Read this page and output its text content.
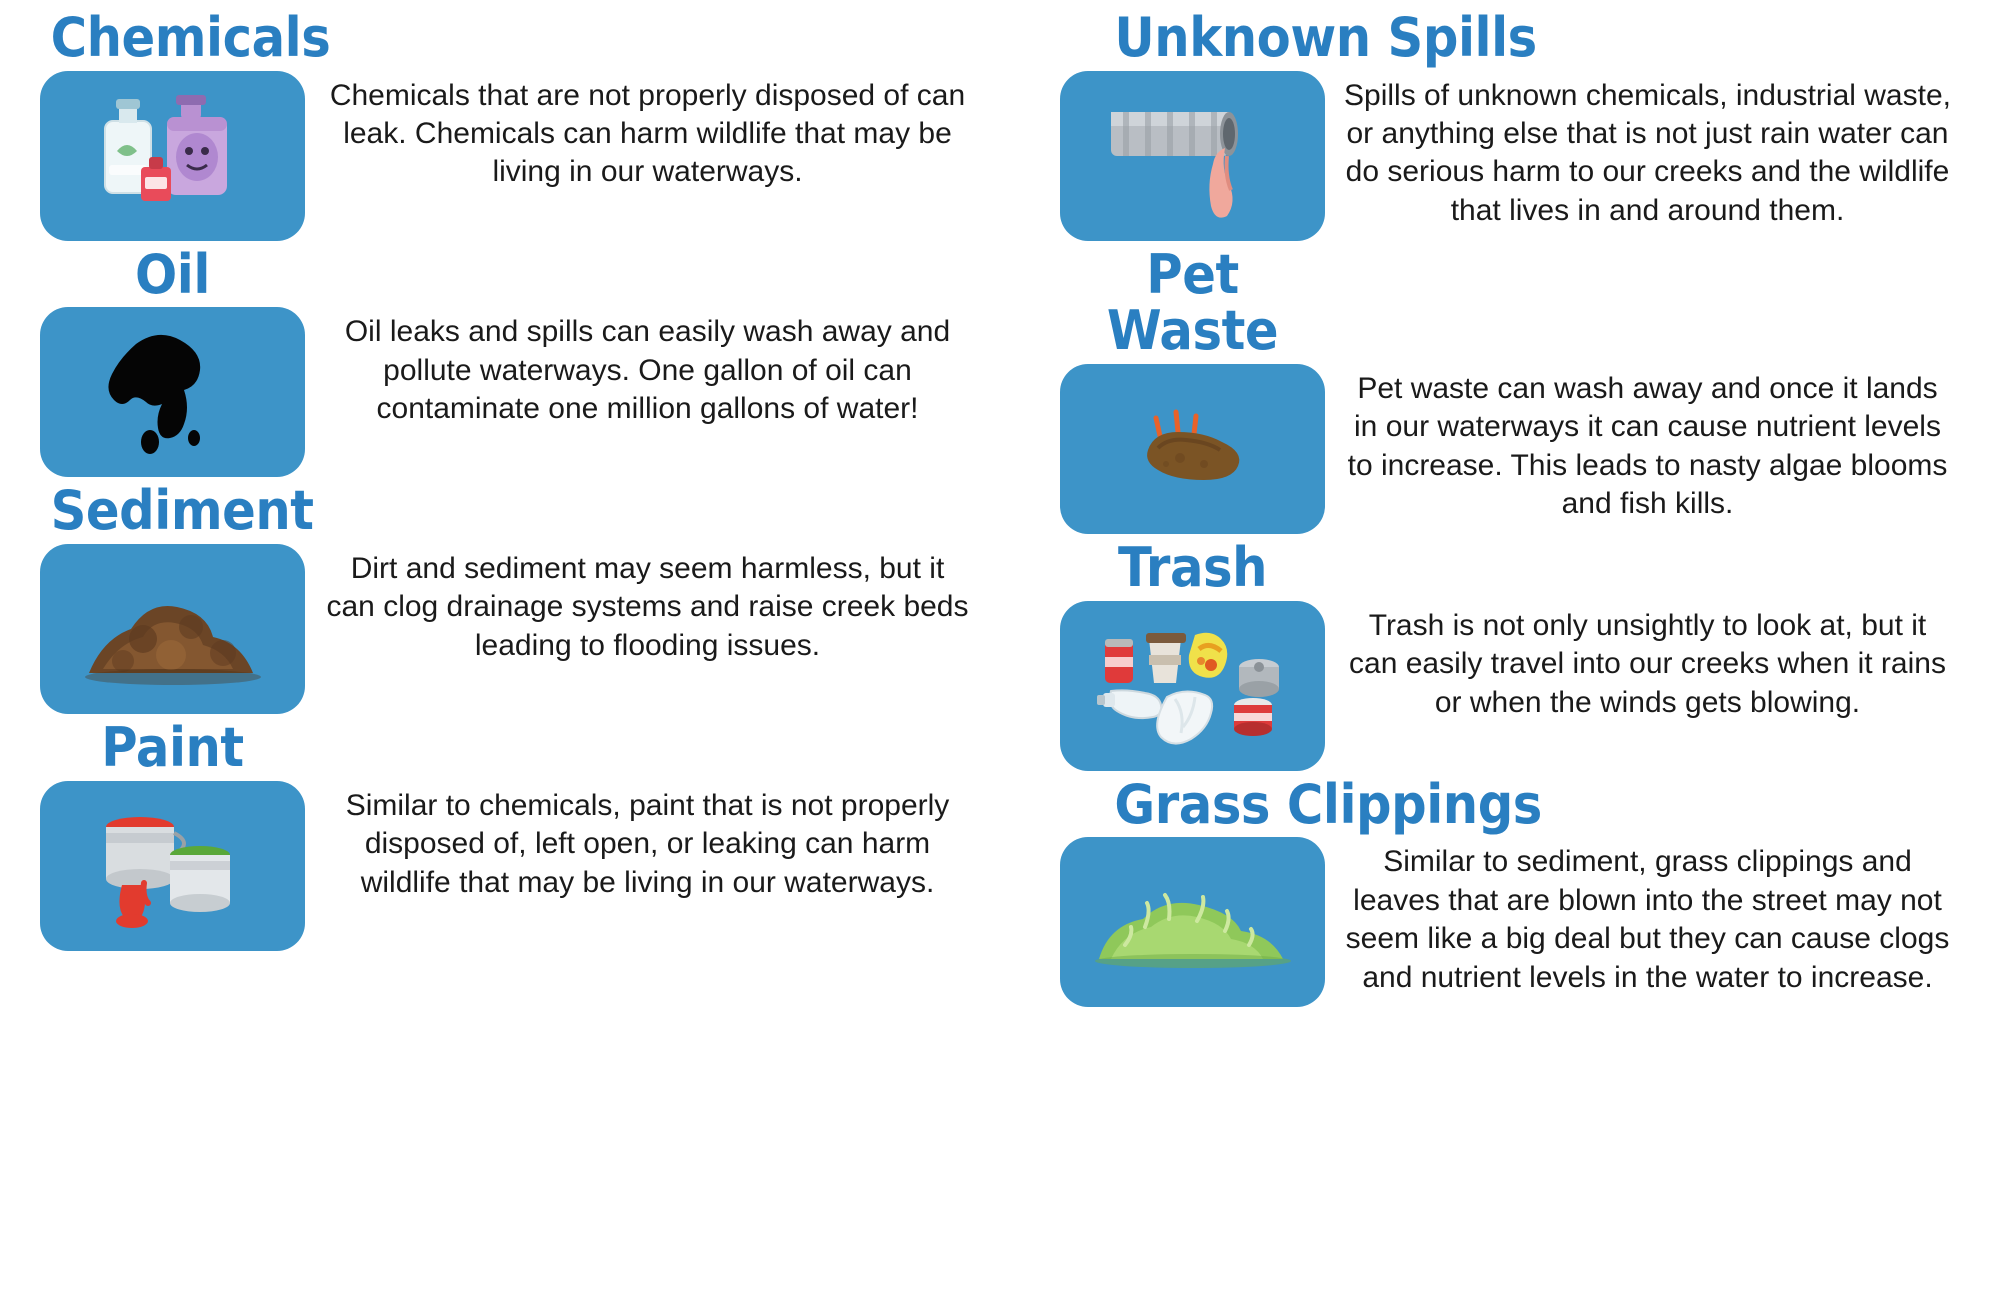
Chemicals
Chemicals that are not properly disposed of can leak. Chemicals can harm wildlife that may be living in our waterways.
Oil
Oil leaks and spills can easily wash away and pollute waterways. One gallon of oil can contaminate one million gallons of water!
Sediment
Dirt and sediment may seem harmless, but it can clog drainage systems and raise creek beds leading to flooding issues.
Paint
Similar to chemicals, paint that is not properly disposed of, left open, or leaking can harm wildlife that may be living in our waterways.
Unknown Spills
Spills of unknown chemicals, industrial waste, or anything else that is not just rain water can do serious harm to our creeks and the wildlife that lives in and around them.
Pet Waste
Pet waste can wash away and once it lands in our waterways it can cause nutrient levels to increase. This leads to nasty algae blooms and fish kills.
Trash
Trash is not only unsightly to look at, but it can easily travel into our creeks when it rains or when the winds gets blowing.
Grass Clippings
Similar to sediment, grass clippings and leaves that are blown into the street may not seem like a big deal but they can cause clogs and nutrient levels in the water to increase.
